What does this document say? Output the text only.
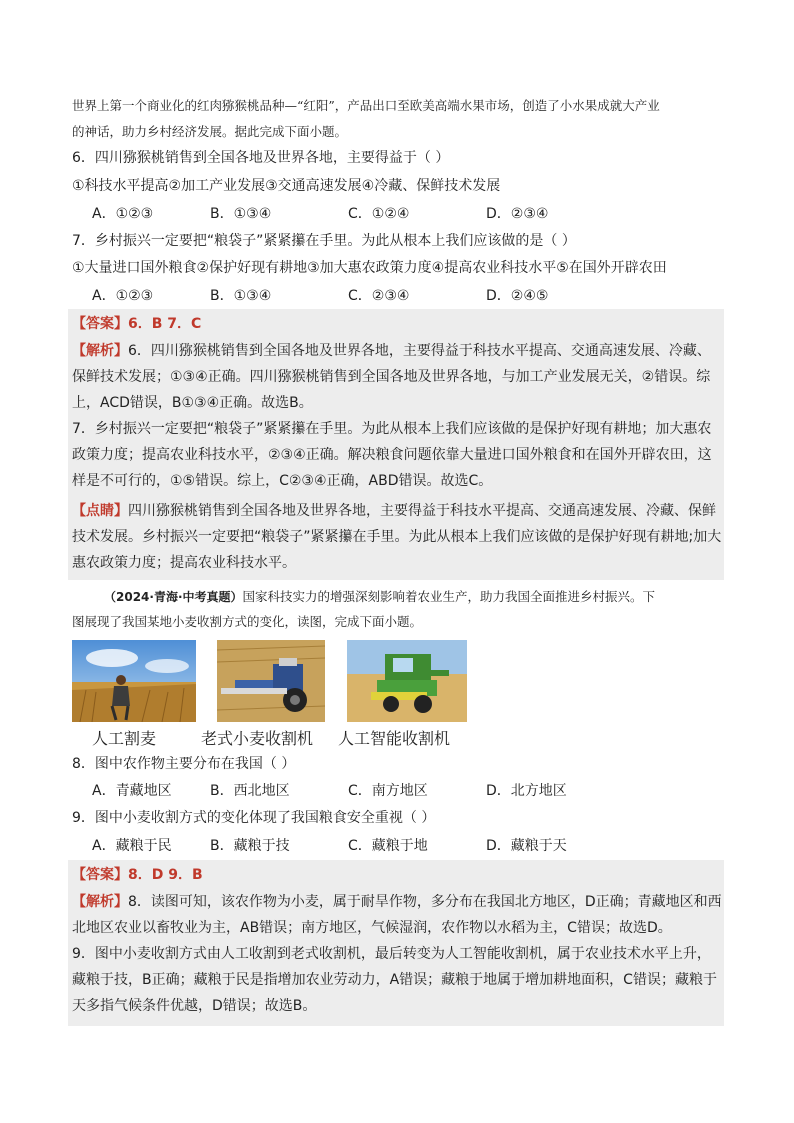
世界上第一个商业化的红肉猕猴桃品种—“红阳”，产品出口至欧美高端水果市场，创造了小水果成就大产业
的神话，助力乡村经济发展。据此完成下面小题。
6．四川猕猴桃销售到全国各地及世界各地，主要得益于（ ）
①科技水平提高②加工产业发展③交通高速发展④冷藏、保鲜技术发展
A．①②③	B．①③④	C．①②④	D．②③④
7．乡村振兴一定要把“粮袋子”紧紧攥在手里。为此从根本上我们应该做的是（ ）
①大量进口国外粮食②保护好现有耕地③加大惠农政策力度④提高农业科技水平⑤在国外开辟农田
A．①②③	B．①③④	C．②③④	D．②④⑤

【答案】6．B 7．C

【解析】6．四川猕猴桃销售到全国各地及世界各地，主要得益于科技水平提高、交通高速发展、冷藏、保鲜技术发展；①③④正确。四川猕猴桃销售到全国各地及世界各地，与加工产业发展无关，②错误。综上，ACD错误，B①③④正确。故选B。

7．乡村振兴一定要把“粮袋子”紧紧攥在手里。为此从根本上我们应该做的是保护好现有耕地；加大惠农政策力度；提高农业科技水平，②③④正确。解决粮食问题依靠大量进口国外粮食和在国外开辟农田，这样是不可行的，①⑤错误。综上，C②③④正确，ABD错误。故选C。

【点睛】四川猕猴桃销售到全国各地及世界各地，主要得益于科技水平提高、交通高速发展、冷藏、保鲜技术发展。乡村振兴一定要把“粮袋子”紧紧攥在手里。为此从根本上我们应该做的是保护好现有耕地;加大惠农政策力度；提高农业科技水平。

（2024·青海·中考真题）国家科技实力的增强深刻影响着农业生产，助力我国全面推进乡村振兴。下
图展现了我国某地小麦收割方式的变化，读图，完成下面小题。
人工割麦	老式小麦收割机 人工智能收割机
8．图中农作物主要分布在我国（ ）
A．青藏地区	B．西北地区	C．南方地区	D．北方地区
9．图中小麦收割方式的变化体现了我国粮食安全重视（ ）
A．藏粮于民	B．藏粮于技	C．藏粮于地	D．藏粮于天

【答案】8．D 9．B

【解析】8．读图可知，该农作物为小麦，属于耐旱作物，多分布在我国北方地区，D正确；青藏地区和西北地区农业以畜牧业为主，AB错误；南方地区，气候湿润，农作物以水稻为主，C错误；故选D。

9．图中小麦收割方式由人工收割到老式收割机，最后转变为人工智能收割机，属于农业技术水平上升，藏粮于技，B正确；藏粮于民是指增加农业劳动力，A错误；藏粮于地属于增加耕地面积，C错误；藏粮于天多指气候条件优越，D错误；故选B。
